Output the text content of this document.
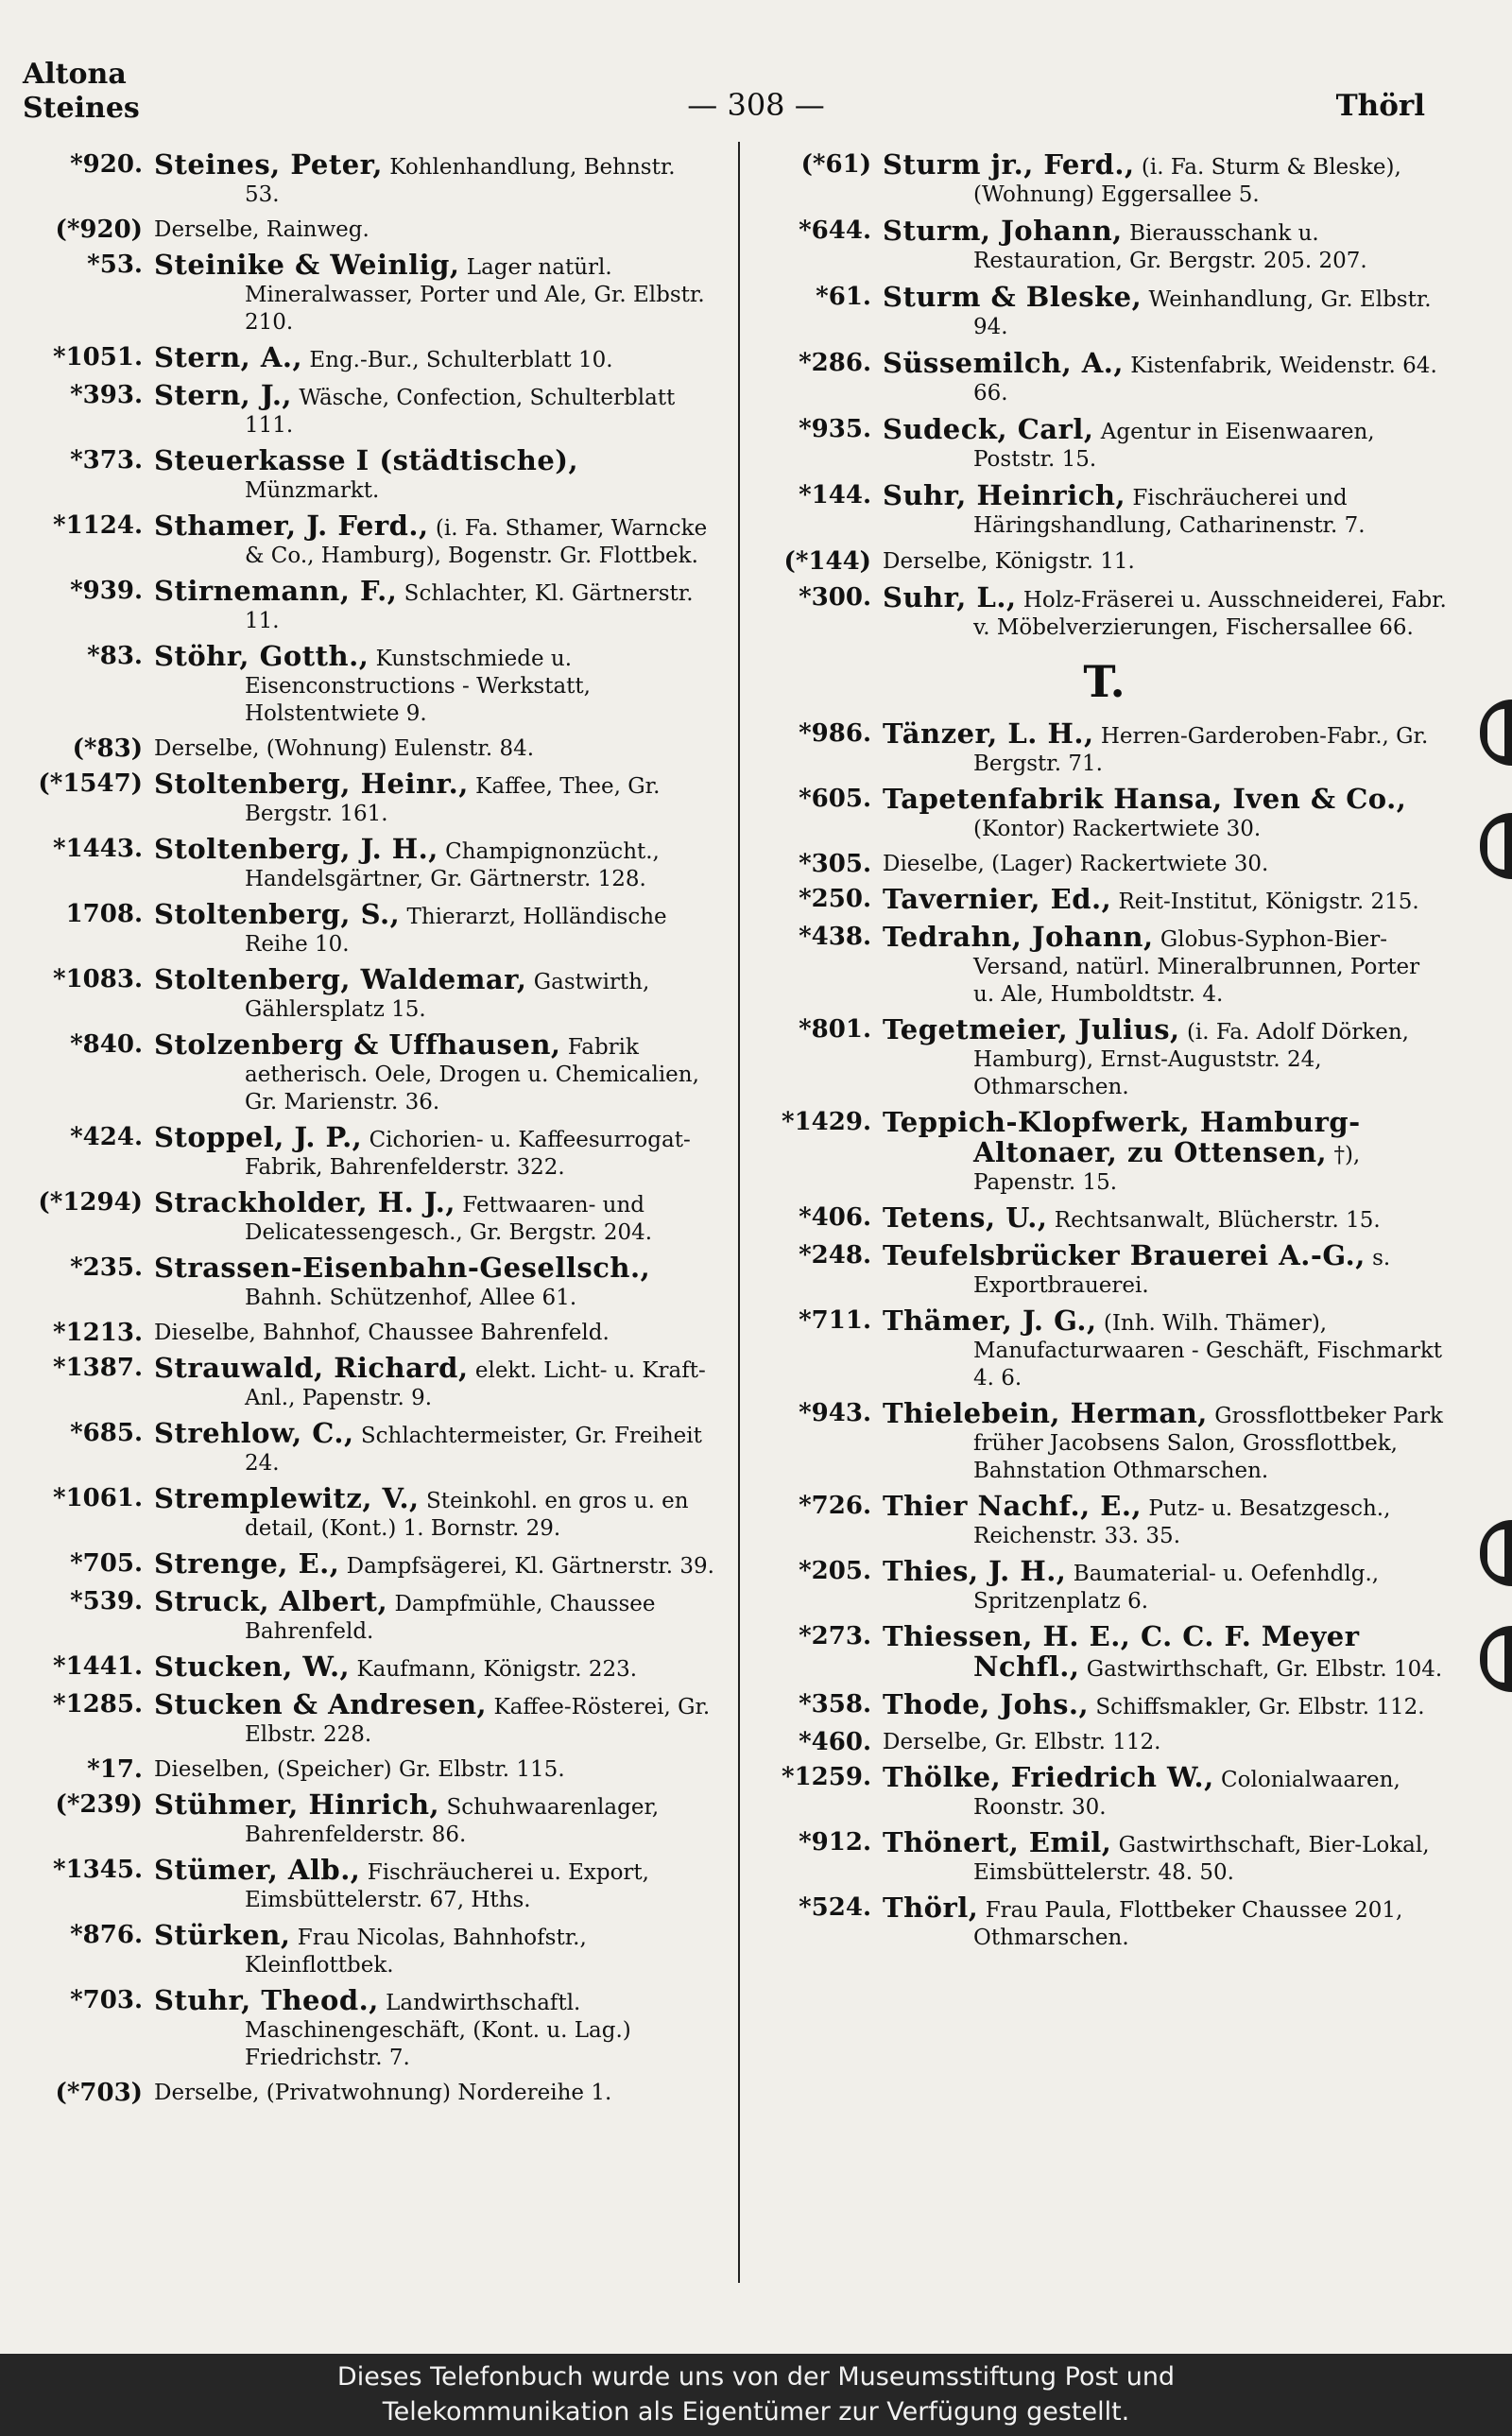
Altona
Steines	— 308 —	Thörl
*920. Steines, Peter, Kohlenhandlung, Behnstr. 53.
(*920) Derselbe, Rainweg.
*53. Steinike & Weinlig, Lager natürl. Mineralwasser, Porter und Ale, Gr. Elbstr. 210.
*1051. Stern, A., Eng.-Bur., Schulterblatt 10.
*393. Stern, J., Wäsche, Confection, Schulterblatt 111.
*373. Steuerkasse I (städtische), Münzmarkt.
*1124. Sthamer, J. Ferd., (i. Fa. Sthamer, Warncke & Co., Hamburg), Bogenstr. Gr. Flottbek.
*939. Stirnemann, F., Schlachter, Kl. Gärtnerstr. 11.
*83. Stöhr, Gotth., Kunstschmiede u. Eisenconstructions - Werkstatt, Holstentwiete 9.
(*83) Derselbe, (Wohnung) Eulenstr. 84.
(*1547) Stoltenberg, Heinr., Kaffee, Thee, Gr. Bergstr. 161.
*1443. Stoltenberg, J. H., Champignonzücht., Handelsgärtner, Gr. Gärtnerstr. 128.
1708. Stoltenberg, S., Thierarzt, Holländische Reihe 10.
*1083. Stoltenberg, Waldemar, Gastwirth, Gählersplatz 15.
*840. Stolzenberg & Uffhausen, Fabrik aetherisch. Oele, Drogen u. Chemicalien, Gr. Marienstr. 36.
*424. Stoppel, J. P., Cichorien- u. Kaffeesurrogat-Fabrik, Bahrenfelderstr. 322.
(*1294) Strackholder, H. J., Fettwaaren- und Delicatessengesch., Gr. Bergstr. 204.
*235. Strassen-Eisenbahn-Gesellsch., Bahnh. Schützenhof, Allee 61.
*1213. Dieselbe, Bahnhof, Chaussee Bahrenfeld.
*1387. Strauwald, Richard, elekt. Licht- u. Kraft-Anl., Papenstr. 9.
*685. Strehlow, C., Schlachtermeister, Gr. Freiheit 24.
*1061. Stremplewitz, V., Steinkohl. en gros u. en detail, (Kont.) 1. Bornstr. 29.
*705. Strenge, E., Dampfsägerei, Kl. Gärtnerstr. 39.
*539. Struck, Albert, Dampfmühle, Chaussee Bahrenfeld.
*1441. Stucken, W., Kaufmann, Königstr. 223.
*1285. Stucken & Andresen, Kaffee-Rösterei, Gr. Elbstr. 228.
*17. Dieselben, (Speicher) Gr. Elbstr. 115.
(*239) Stühmer, Hinrich, Schuhwaarenlager, Bahrenfelderstr. 86.
*1345. Stümer, Alb., Fischräucherei u. Export, Eimsbüttelerstr. 67, Hths.
*876. Stürken, Frau Nicolas, Bahnhofstr., Kleinflottbek.
*703. Stuhr, Theod., Landwirthschaftl. Maschinengeschäft, (Kont. u. Lag.) Friedrichstr. 7.
(*703) Derselbe, (Privatwohnung) Nordereihe 1.
(*61) Sturm jr., Ferd., (i. Fa. Sturm & Bleske), (Wohnung) Eggersallee 5.
*644. Sturm, Johann, Bierausschank u. Restauration, Gr. Bergstr. 205. 207.
*61. Sturm & Bleske, Weinhandlung, Gr. Elbstr. 94.
*286. Süssemilch, A., Kistenfabrik, Weidenstr. 64. 66.
*935. Sudeck, Carl, Agentur in Eisenwaaren, Poststr. 15.
*144. Suhr, Heinrich, Fischräucherei und Häringshandlung, Catharinenstr. 7.
(*144) Derselbe, Königstr. 11.
*300. Suhr, L., Holz-Fräserei u. Ausschneiderei, Fabr. v. Möbelverzierungen, Fischersallee 66.
T.
*986. Tänzer, L. H., Herren-Garderoben-Fabr., Gr. Bergstr. 71.
*605. Tapetenfabrik Hansa, Iven & Co., (Kontor) Rackertwiete 30.
*305. Dieselbe, (Lager) Rackertwiete 30.
*250. Tavernier, Ed., Reit-Institut, Königstr. 215.
*438. Tedrahn, Johann, Globus-Syphon-Bier-Versand, natürl. Mineralbrunnen, Porter u. Ale, Humboldtstr. 4.
*801. Tegetmeier, Julius, (i. Fa. Adolf Dörken, Hamburg), Ernst-Auguststr. 24, Othmarschen.
*1429. Teppich-Klopfwerk, Hamburg-Altonaer, zu Ottensen, †), Papenstr. 15.
*406. Tetens, U., Rechtsanwalt, Blücherstr. 15.
*248. Teufelsbrücker Brauerei A.-G., s. Exportbrauerei.
*711. Thämer, J. G., (Inh. Wilh. Thämer), Manufacturwaaren - Geschäft, Fischmarkt 4. 6.
*943. Thielebein, Herman, Grossflottbeker Park früher Jacobsens Salon, Grossflottbek, Bahnstation Othmarschen.
*726. Thier Nachf., E., Putz- u. Besatzgesch., Reichenstr. 33. 35.
*205. Thies, J. H., Baumaterial- u. Oefenhdlg., Spritzenplatz 6.
*273. Thiessen, H. E., C. C. F. Meyer Nchfl., Gastwirthschaft, Gr. Elbstr. 104.
*358. Thode, Johs., Schiffsmakler, Gr. Elbstr. 112.
*460. Derselbe, Gr. Elbstr. 112.
*1259. Thölke, Friedrich W., Colonialwaaren, Roonstr. 30.
*912. Thönert, Emil, Gastwirthschaft, Bier-Lokal, Eimsbüttelerstr. 48. 50.
*524. Thörl, Frau Paula, Flottbeker Chaussee 201, Othmarschen.
Dieses Telefonbuch wurde uns von der Museumsstiftung Post und
Telekommunikation als Eigentümer zur Verfügung gestellt.
